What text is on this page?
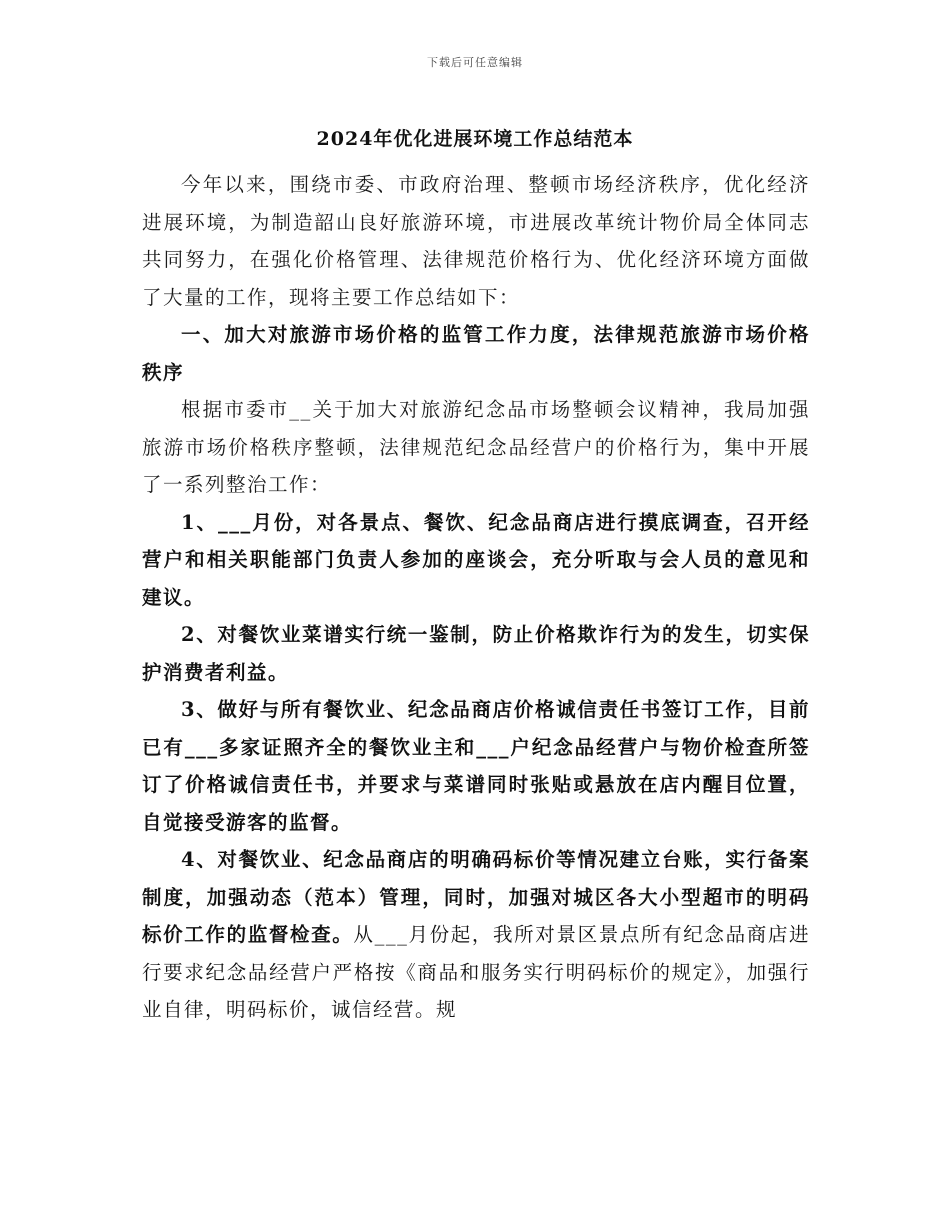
下载后可任意编辑
2024年优化进展环境工作总结范本

今年以来，围绕市委、市政府治理、整顿市场经济秩序，优化经济进展环境，为制造韶山良好旅游环境，市进展改革统计物价局全体同志共同努力，在强化价格管理、法律规范价格行为、优化经济环境方面做了大量的工作，现将主要工作总结如下：

一、加大对旅游市场价格的监管工作力度，法律规范旅游市场价格秩序

根据市委市__关于加大对旅游纪念品市场整顿会议精神，我局加强旅游市场价格秩序整顿，法律规范纪念品经营户的价格行为，集中开展了一系列整治工作：

1、___月份，对各景点、餐饮、纪念品商店进行摸底调查，召开经营户和相关职能部门负责人参加的座谈会，充分听取与会人员的意见和建议。

2、对餐饮业菜谱实行统一鉴制，防止价格欺诈行为的发生，切实保护消费者利益。

3、做好与所有餐饮业、纪念品商店价格诚信责任书签订工作，目前已有___多家证照齐全的餐饮业主和___户纪念品经营户与物价检查所签订了价格诚信责任书，并要求与菜谱同时张贴或悬放在店内醒目位置，自觉接受游客的监督。

4、对餐饮业、纪念品商店的明确码标价等情况建立台账，实行备案制度，加强动态（范本）管理，同时，加强对城区各大小型超市的明码标价工作的监督检查。从___月份起，我所对景区景点所有纪念品商店进行要求纪念品经营户严格按《商品和服务实行明码标价的规定》，加强行业自律，明码标价，诚信经营。规
